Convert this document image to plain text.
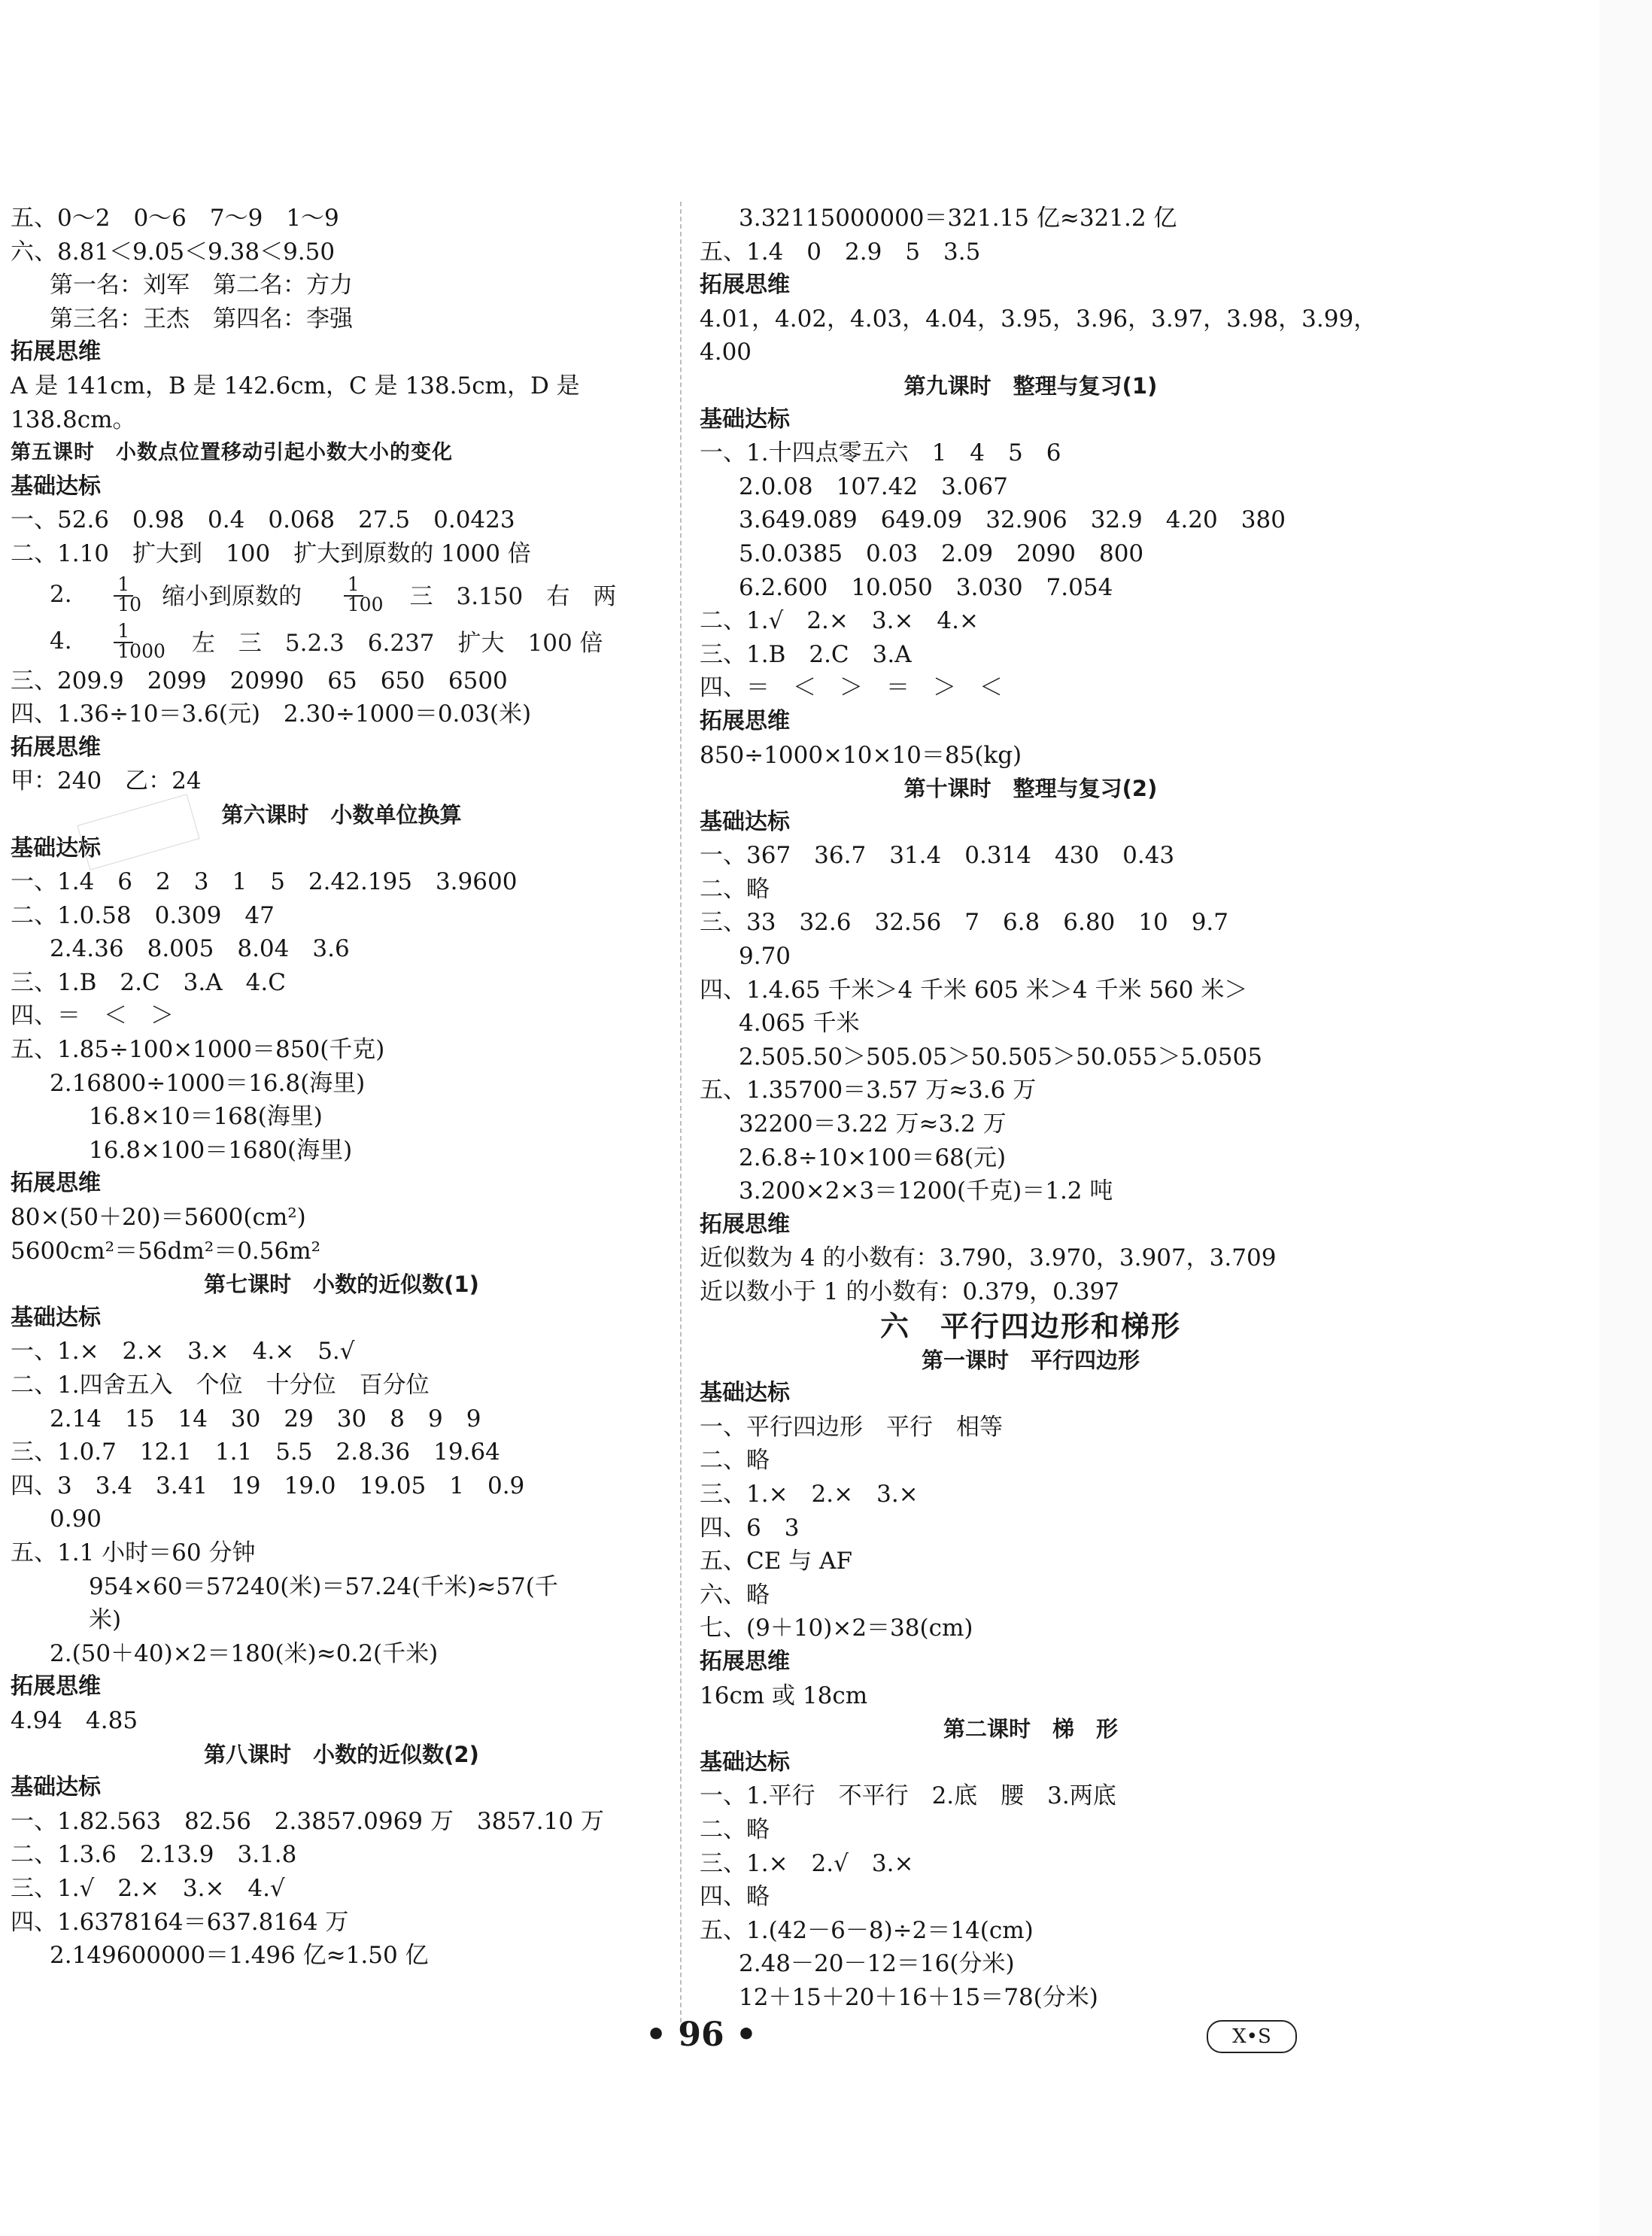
五、0～2　0～6　7～9　1～9
六、8.81＜9.05＜9.38＜9.50
第一名：刘军　第二名：方力
第三名：王杰　第四名：李强
拓展思维
A 是 141cm，B 是 142.6cm，C 是 138.5cm，D 是
138.8cm。
第五课时　小数点位置移动引起小数大小的变化
基础达标
一、52.6　0.98　0.4　0.068　27.5　0.0423
二、1.10　扩大到　100　扩大到原数的 1000 倍
2. $\frac{1}{10}$
缩小到原数的 $\frac{1}{100}$
三　3.150　右　两
4. $\frac{1}{1000}$
左　三　5.2.3　6.237　扩大　100 倍
三、209.9　2099　20990　65　650　6500
四、1.36÷10＝3.6(元)　2.30÷1000＝0.03(米)
拓展思维
甲：240　乙：24
第六课时　小数单位换算
基础达标
一、1.4　6　2　3　1　5　2.42.195　3.9600
二、1.0.58　0.309　47
2.4.36　8.005　8.04　3.6
三、1.B　2.C　3.A　4.C
四、＝　＜　＞
五、1.85÷100×1000＝850(千克)
2.16800÷1000＝16.8(海里)
16.8×10＝168(海里)
16.8×100＝1680(海里)
拓展思维
80×(50＋20)＝5600(cm²)
5600cm²＝56dm²＝0.56m²
第七课时　小数的近似数(1)
基础达标
一、1.×　2.×　3.×　4.×　5.√
二、1.四舍五入　个位　十分位　百分位
2.14　15　14　30　29　30　8　9　9
三、1.0.7　12.1　1.1　5.5　2.8.36　19.64
四、3　3.4　3.41　19　19.0　19.05　1　0.9
0.90
五、1.1 小时＝60 分钟
954×60＝57240(米)＝57.24(千米)≈57(千
米)
2.(50＋40)×2＝180(米)≈0.2(千米)
拓展思维
4.94　4.85
第八课时　小数的近似数(2)
基础达标
一、1.82.563　82.56　2.3857.0969 万　3857.10 万
二、1.3.6　2.13.9　3.1.8
三、1.√　2.×　3.×　4.√
四、1.6378164＝637.8164 万
2.149600000＝1.496 亿≈1.50 亿
3.32115000000＝321.15 亿≈321.2 亿
五、1.4　0　2.9　5　3.5
拓展思维
4.01，4.02，4.03，4.04，3.95，3.96，3.97，3.98，3.99，
4.00
第九课时　整理与复习(1)
基础达标
一、1.十四点零五六　1　4　5　6
2.0.08　107.42　3.067
3.649.089　649.09　32.906　32.9　4.20　380
5.0.0385　0.03　2.09　2090　800
6.2.600　10.050　3.030　7.054
二、1.√　2.×　3.×　4.×
三、1.B　2.C　3.A
四、＝　＜　＞　＝　＞　＜
拓展思维
850÷1000×10×10＝85(kg)
第十课时　整理与复习(2)
基础达标
一、367　36.7　31.4　0.314　430　0.43
二、略
三、33　32.6　32.56　7　6.8　6.80　10　9.7
9.70
四、1.4.65 千米＞4 千米 605 米＞4 千米 560 米＞
4.065 千米
2.505.50＞505.05＞50.505＞50.055＞5.0505
五、1.35700＝3.57 万≈3.6 万
32200＝3.22 万≈3.2 万
2.6.8÷10×100＝68(元)
3.200×2×3＝1200(千克)＝1.2 吨
拓展思维
近似数为 4 的小数有：3.790，3.970，3.907，3.709
近以数小于 1 的小数有：0.379，0.397
六　平行四边形和梯形
第一课时　平行四边形
基础达标
一、平行四边形　平行　相等
二、略
三、1.×　2.×　3.×
四、6　3
五、CE 与 AF
六、略
七、(9＋10)×2＝38(cm)
拓展思维
16cm 或 18cm
第二课时　梯　形
基础达标
一、1.平行　不平行　2.底　腰　3.两底
二、略
三、1.×　2.√　3.×
四、略
五、1.(42－6－8)÷2＝14(cm)
2.48－20－12＝16(分米)
12＋15＋20＋16＋15＝78(分米)
• 96 •	X•S
